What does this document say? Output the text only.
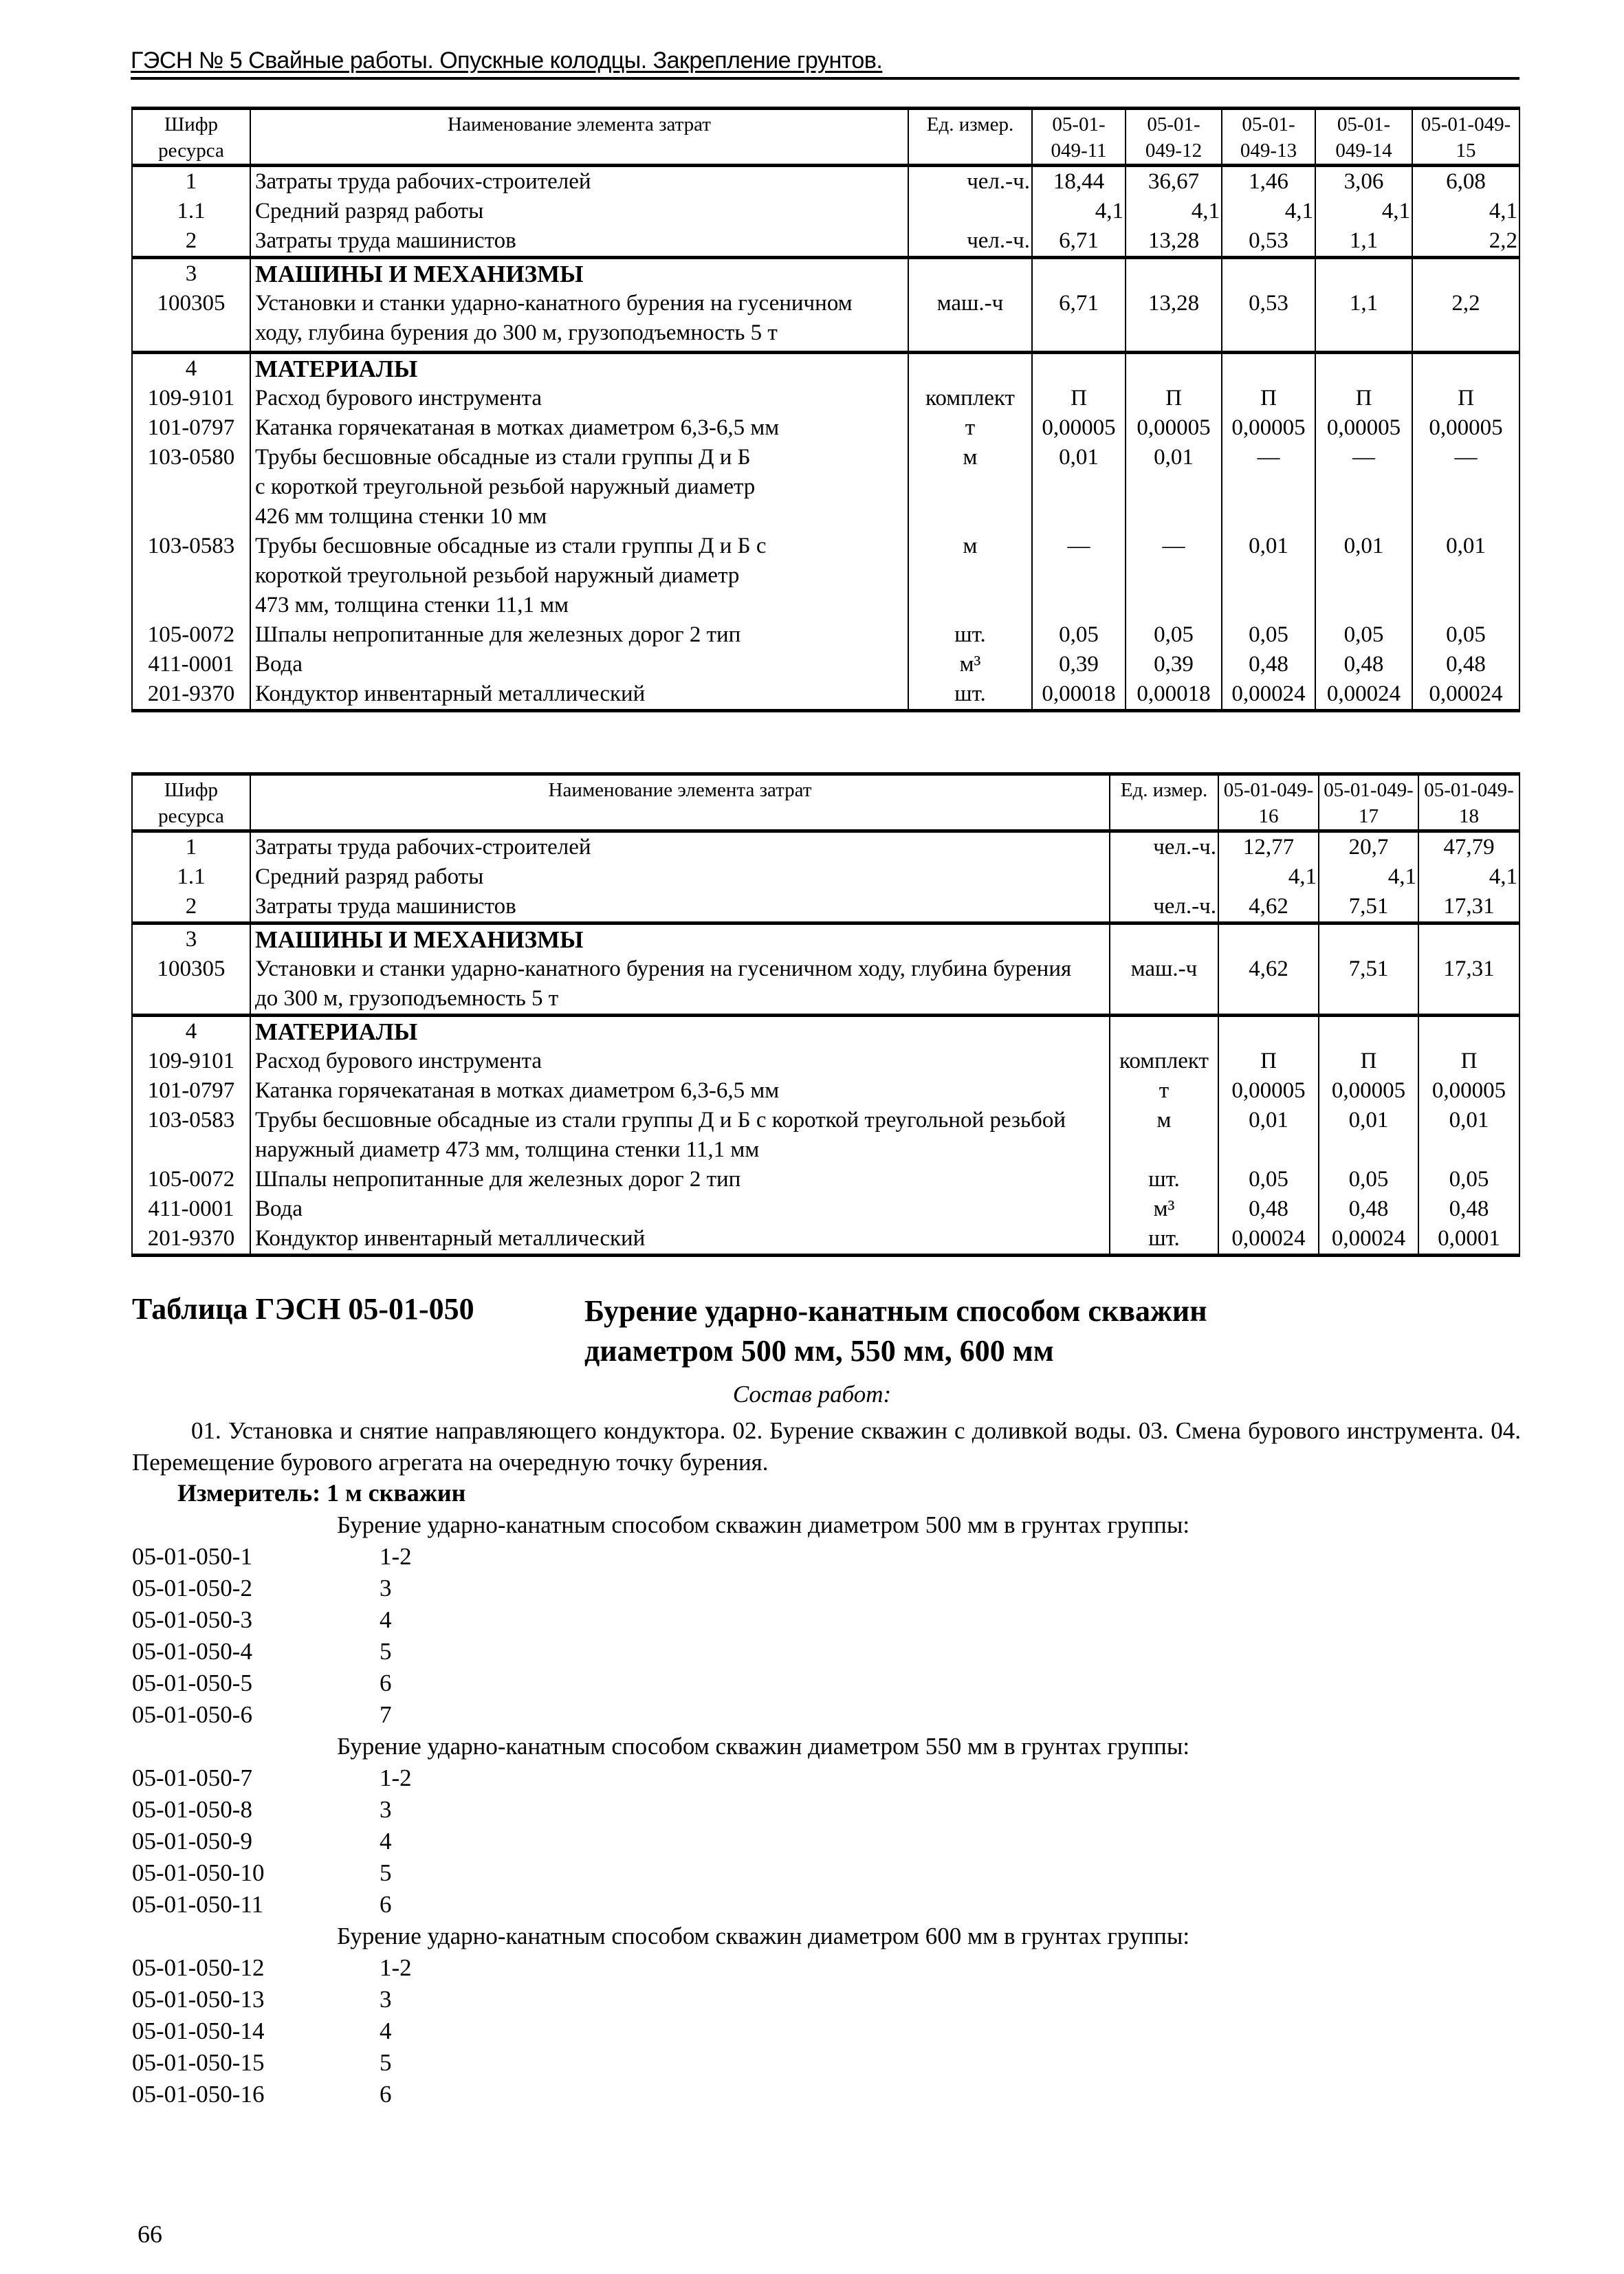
ГЭСН № 5 Свайные работы. Опускные колодцы. Закрепление грунтов.
Шифр ресурса	Наименование элемента затрат	Ед. измер.	05-01-049-11	05-01-049-12	05-01-049-13	05-01-049-14	05-01-049-15
1	Затраты труда рабочих-строителей	чел.-ч.	18,44	36,67	1,46	3,06	6,08
1.1	Средний разряд работы		4,1	4,1	4,1	4,1	4,1
2	Затраты труда машинистов	чел.-ч.	6,71	13,28	0,53	1,1	2,2
3	МАШИНЫ И МЕХАНИЗМЫ						
100305	Установки и станки ударно-канатного бурения на гусеничном ходу, глубина бурения до 300 м, грузоподъемность 5 т	маш.-ч	6,71	13,28	0,53	1,1	2,2
4	МАТЕРИАЛЫ						
109-9101	Расход бурового инструмента	комплект	П	П	П	П	П
101-0797	Катанка горячекатаная в мотках диаметром 6,3-6,5 мм	т	0,00005	0,00005	0,00005	0,00005	0,00005
103-0580	Трубы бесшовные обсадные из стали группы Д и Б с короткой треугольной резьбой наружный диаметр 426 мм толщина стенки 10 мм	м	0,01	0,01	—	—	—
103-0583	Трубы бесшовные обсадные из стали группы Д и Б с короткой треугольной резьбой наружный диаметр 473 мм, толщина стенки 11,1 мм	м	—	—	0,01	0,01	0,01
105-0072	Шпалы непропитанные для железных дорог 2 тип	шт.	0,05	0,05	0,05	0,05	0,05
411-0001	Вода	м³	0,39	0,39	0,48	0,48	0,48
201-9370	Кондуктор инвентарный металлический	шт.	0,00018	0,00018	0,00024	0,00024	0,00024
Шифр ресурса	Наименование элемента затрат	Ед. измер.	05-01-049-16	05-01-049-17	05-01-049-18
1	Затраты труда рабочих-строителей	чел.-ч.	12,77	20,7	47,79
1.1	Средний разряд работы		4,1	4,1	4,1
2	Затраты труда машинистов	чел.-ч.	4,62	7,51	17,31
3	МАШИНЫ И МЕХАНИЗМЫ				
100305	Установки и станки ударно-канатного бурения на гусеничном ходу, глубина бурения до 300 м, грузоподъемность 5 т	маш.-ч	4,62	7,51	17,31
4	МАТЕРИАЛЫ				
109-9101	Расход бурового инструмента	комплект	П	П	П
101-0797	Катанка горячекатаная в мотках диаметром 6,3-6,5 мм	т	0,00005	0,00005	0,00005
103-0583	Трубы бесшовные обсадные из стали группы Д и Б с короткой треугольной резьбой наружный диаметр 473 мм, толщина стенки 11,1 мм	м	0,01	0,01	0,01
105-0072	Шпалы непропитанные для железных дорог 2 тип	шт.	0,05	0,05	0,05
411-0001	Вода	м³	0,48	0,48	0,48
201-9370	Кондуктор инвентарный металлический	шт.	0,00024	0,00024	0,0001
Таблица ГЭСН 05-01-050	Бурение ударно-канатным способом скважин
диаметром 500 мм, 550 мм, 600 мм
Состав работ:
01. Установка и снятие направляющего кондуктора. 02. Бурение скважин с доливкой воды. 03. Смена бурового инструмента. 04. Перемещение бурового агрегата на очередную точку бурения.
Измеритель: 1 м скважин
Бурение ударно-канатным способом скважин диаметром 500 мм в грунтах группы:
05-01-050-1	1-2
05-01-050-2	3
05-01-050-3	4
05-01-050-4	5
05-01-050-5	6
05-01-050-6	7
Бурение ударно-канатным способом скважин диаметром 550 мм в грунтах группы:
05-01-050-7	1-2
05-01-050-8	3
05-01-050-9	4
05-01-050-10	5
05-01-050-11	6
Бурение ударно-канатным способом скважин диаметром 600 мм в грунтах группы:
05-01-050-12	1-2
05-01-050-13	3
05-01-050-14	4
05-01-050-15	5
05-01-050-16	6
66
